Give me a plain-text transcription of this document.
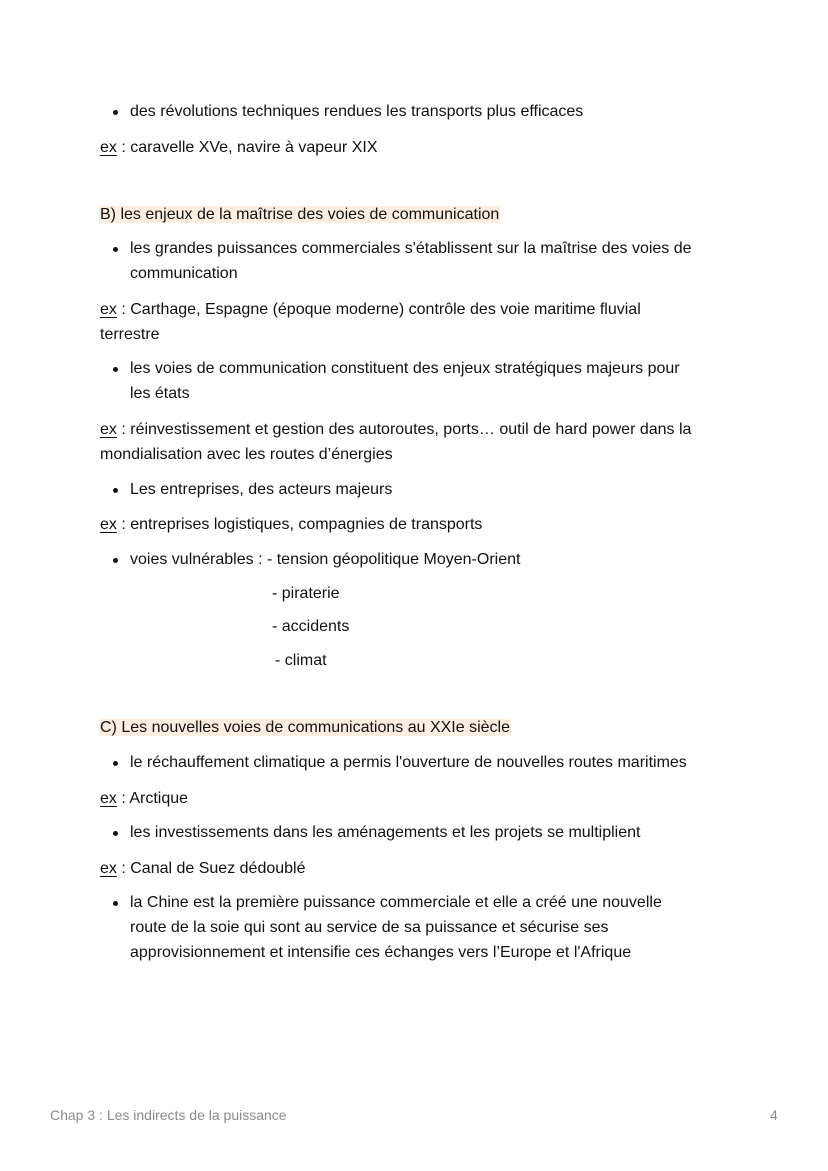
des révolutions techniques rendues les transports plus efficaces
ex : caravelle XVe, navire à vapeur XIX
B) les enjeux de la maîtrise des voies de communication
les grandes puissances commerciales s'établissent sur la maîtrise des voies de
communication
ex : Carthage, Espagne (époque moderne) contrôle des voie maritime fluvial
terrestre
les voies de communication constituent des enjeux stratégiques majeurs pour
les états
ex : réinvestissement et gestion des autoroutes, ports… outil de hard power dans la
mondialisation avec les routes d’énergies
Les entreprises, des acteurs majeurs
ex : entreprises logistiques, compagnies de transports
voies vulnérables : - tension géopolitique Moyen-Orient
- piraterie
- accidents
- climat
C) Les nouvelles voies de communications au XXIe siècle
le réchauffement climatique a permis l'ouverture de nouvelles routes maritimes
ex : Arctique
les investissements dans les aménagements et les projets se multiplient
ex : Canal de Suez dédoublé
la Chine est la première puissance commerciale et elle a créé une nouvelle
route de la soie qui sont au service de sa puissance et sécurise ses
approvisionnement et intensifie ces échanges vers l’Europe et l'Afrique
Chap 3 : Les indirects de la puissance	4
